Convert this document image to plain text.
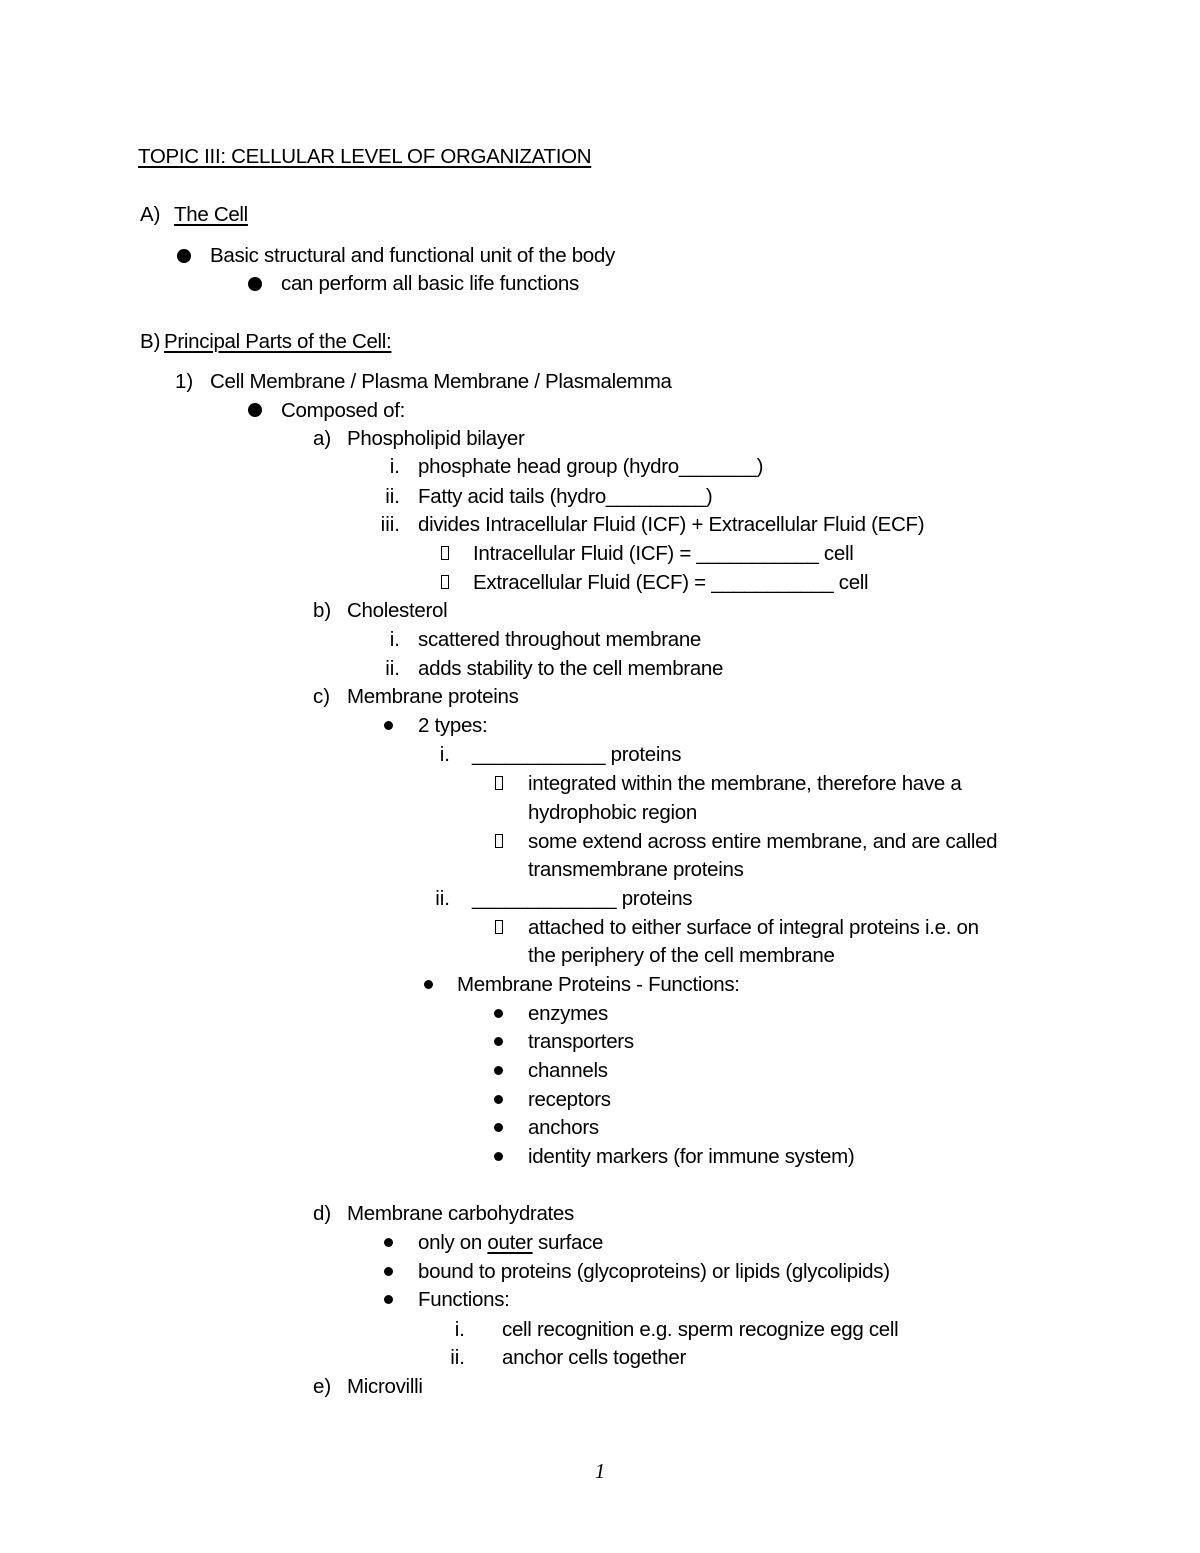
TOPIC III: CELLULAR LEVEL OF ORGANIZATION
A) The Cell
Basic structural and functional unit of the body
can perform all basic life functions
B) Principal Parts of the Cell:
1) Cell Membrane / Plasma Membrane / Plasmalemma
Composed of:
a) Phospholipid bilayer
i. phosphate head group (hydro_______)
ii. Fatty acid tails (hydro_________)
iii. divides Intracellular Fluid (ICF) + Extracellular Fluid (ECF)
Intracellular Fluid (ICF) = ___________ cell
Extracellular Fluid (ECF) = ___________ cell
b) Cholesterol
i. scattered throughout membrane
ii. adds stability to the cell membrane
c) Membrane proteins
2 types:
i. ____________ proteins
integrated within the membrane, therefore have a
hydrophobic region
some extend across entire membrane, and are called
transmembrane proteins
ii. _____________ proteins
attached to either surface of integral proteins i.e. on
the periphery of the cell membrane
Membrane Proteins - Functions:
enzymes
transporters
channels
receptors
anchors
identity markers (for immune system)
d) Membrane carbohydrates
only on outer surface
bound to proteins (glycoproteins) or lipids (glycolipids)
Functions:
i. cell recognition e.g. sperm recognize egg cell
ii. anchor cells together
e) Microvilli
1
